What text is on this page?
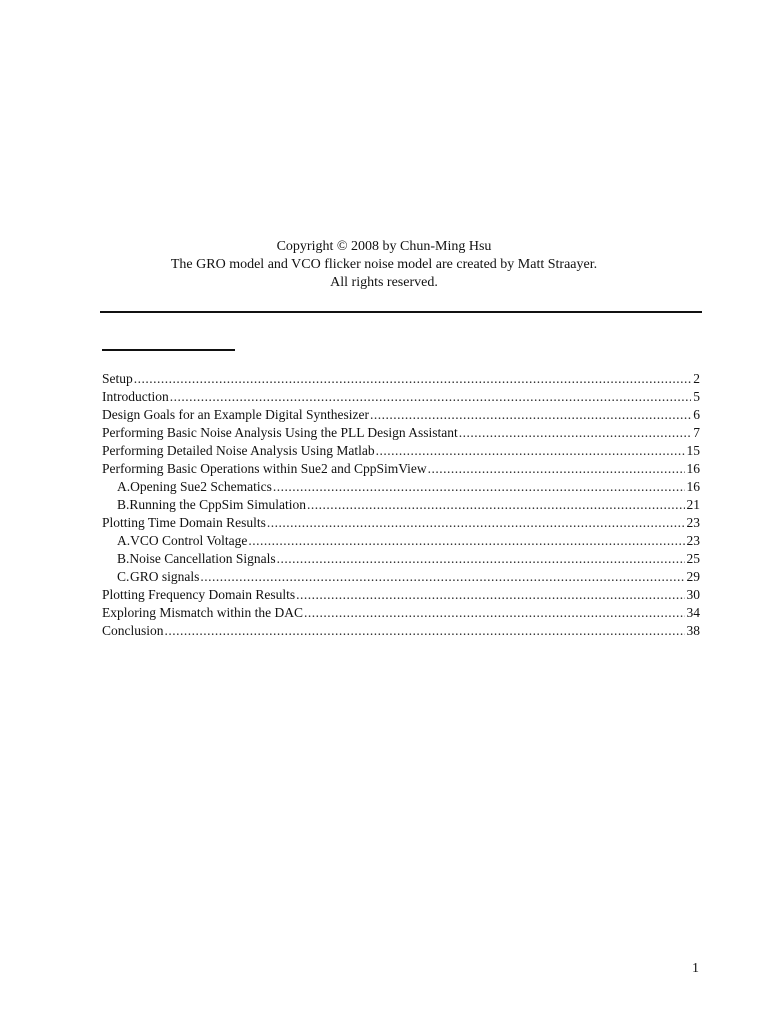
Copyright © 2008 by Chun-Ming Hsu
The GRO model and VCO flicker noise model are created by Matt Straayer.
All rights reserved.
Setup .....	2
Introduction .....	5
Design Goals for an Example Digital Synthesizer .....	6
Performing Basic Noise Analysis Using the PLL Design Assistant .....	7
Performing Detailed Noise Analysis Using Matlab .....	15
Performing Basic Operations within Sue2 and CppSimView .....	16
A. Opening Sue2 Schematics .....	16
B. Running the CppSim Simulation .....	21
Plotting Time Domain Results .....	23
A. VCO Control Voltage .....	23
B. Noise Cancellation Signals .....	25
C. GRO signals .....	29
Plotting Frequency Domain Results .....	30
Exploring Mismatch within the DAC .....	34
Conclusion .....	38
1
